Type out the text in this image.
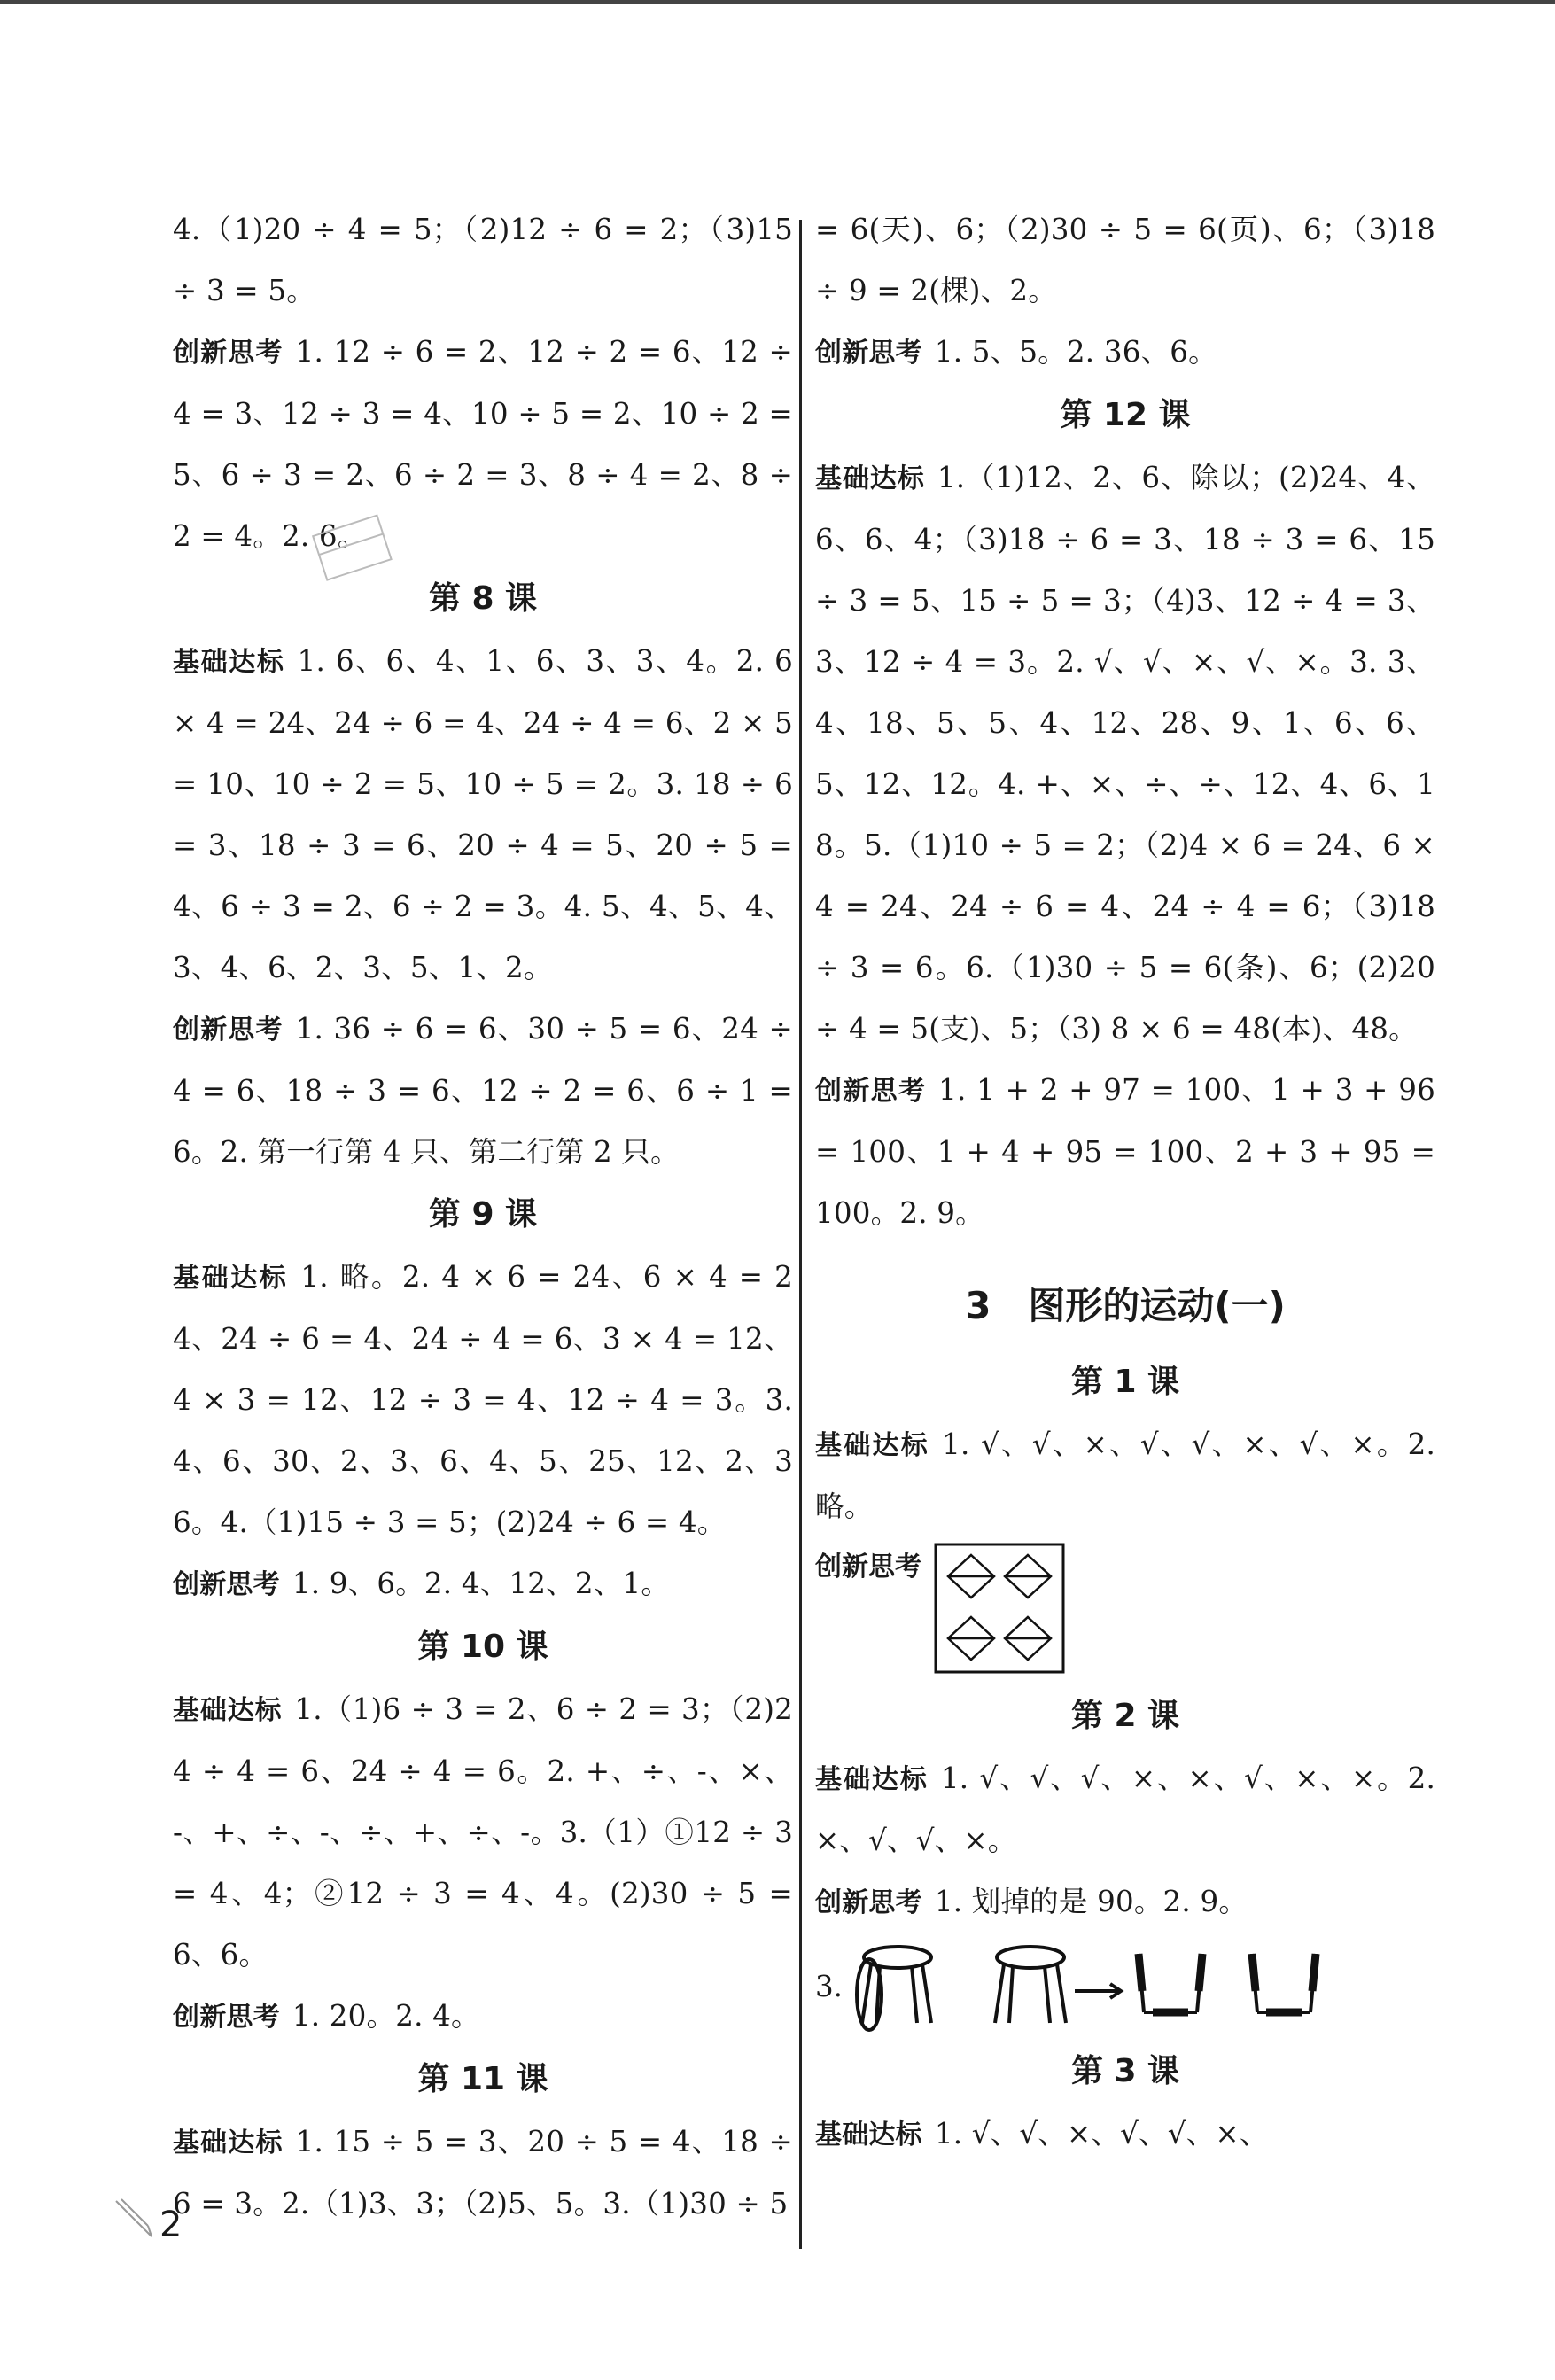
4.（1)20 ÷ 4 = 5；（2)12 ÷ 6 = 2；（3)15 ÷ 3 = 5。

创新思考 1. 12 ÷ 6 = 2、12 ÷ 2 = 6、12 ÷ 4 = 3、12 ÷ 3 = 4、10 ÷ 5 = 2、10 ÷ 2 = 5、6 ÷ 3 = 2、6 ÷ 2 = 3、8 ÷ 4 = 2、8 ÷ 2 = 4。2. 6。

第 8 课

基础达标 1. 6、6、4、1、6、3、3、4。2. 6 × 4 = 24、24 ÷ 6 = 4、24 ÷ 4 = 6、2 × 5 = 10、10 ÷ 2 = 5、10 ÷ 5 = 2。3. 18 ÷ 6 = 3、18 ÷ 3 = 6、20 ÷ 4 = 5、20 ÷ 5 = 4、6 ÷ 3 = 2、6 ÷ 2 = 3。4. 5、4、5、4、3、4、6、2、3、5、1、2。

创新思考 1. 36 ÷ 6 = 6、30 ÷ 5 = 6、24 ÷ 4 = 6、18 ÷ 3 = 6、12 ÷ 2 = 6、6 ÷ 1 = 6。2. 第一行第 4 只、第二行第 2 只。

第 9 课

基础达标 1. 略。2. 4 × 6 = 24、6 × 4 = 24、24 ÷ 6 = 4、24 ÷ 4 = 6、3 × 4 = 12、4 × 3 = 12、12 ÷ 3 = 4、12 ÷ 4 = 3。3. 4、6、30、2、3、6、4、5、25、12、2、36。4.（1)15 ÷ 3 = 5；(2)24 ÷ 6 = 4。

创新思考 1. 9、6。2. 4、12、2、1。

第 10 课

基础达标 1.（1)6 ÷ 3 = 2、6 ÷ 2 = 3；（2)24 ÷ 4 = 6、24 ÷ 4 = 6。2. +、÷、-、×、-、+、÷、-、÷、+、÷、-。3.（1）①12 ÷ 3 = 4、4；②12 ÷ 3 = 4、4。(2)30 ÷ 5 = 6、6。

创新思考 1. 20。2. 4。

第 11 课

基础达标 1. 15 ÷ 5 = 3、20 ÷ 5 = 4、18 ÷ 6 = 3。2.（1)3、3；（2)5、5。3.（1)30 ÷ 5

= 6(天)、6；（2)30 ÷ 5 = 6(页)、6；（3)18 ÷ 9 = 2(棵)、2。

创新思考 1. 5、5。2. 36、6。

第 12 课

基础达标 1.（1)12、2、6、除以；(2)24、4、6、6、4；（3)18 ÷ 6 = 3、18 ÷ 3 = 6、15 ÷ 3 = 5、15 ÷ 5 = 3；（4)3、12 ÷ 4 = 3、3、12 ÷ 4 = 3。2. √、√、×、√、×。3. 3、4、18、5、5、4、12、28、9、1、6、6、5、12、12。4. +、×、÷、÷、12、4、6、18。5.（1)10 ÷ 5 = 2；（2)4 × 6 = 24、6 × 4 = 24、24 ÷ 6 = 4、24 ÷ 4 = 6；（3)18 ÷ 3 = 6。6.（1)30 ÷ 5 = 6(条)、6；(2)20 ÷ 4 = 5(支)、5；（3) 8 × 6 = 48(本)、48。

创新思考 1. 1 + 2 + 97 = 100、1 + 3 + 96 = 100、1 + 4 + 95 = 100、2 + 3 + 95 = 100。2. 9。

3　图形的运动(一)
第 1 课

基础达标 1. √、√、×、√、√、×、√、×。2. 略。

创新思考
第 2 课

基础达标 1. √、√、√、×、×、√、×、×。2. ×、√、√、×。

创新思考 1. 划掉的是 90。2. 9。

3.
第 3 课

基础达标 1. √、√、×、√、√、×、

2
